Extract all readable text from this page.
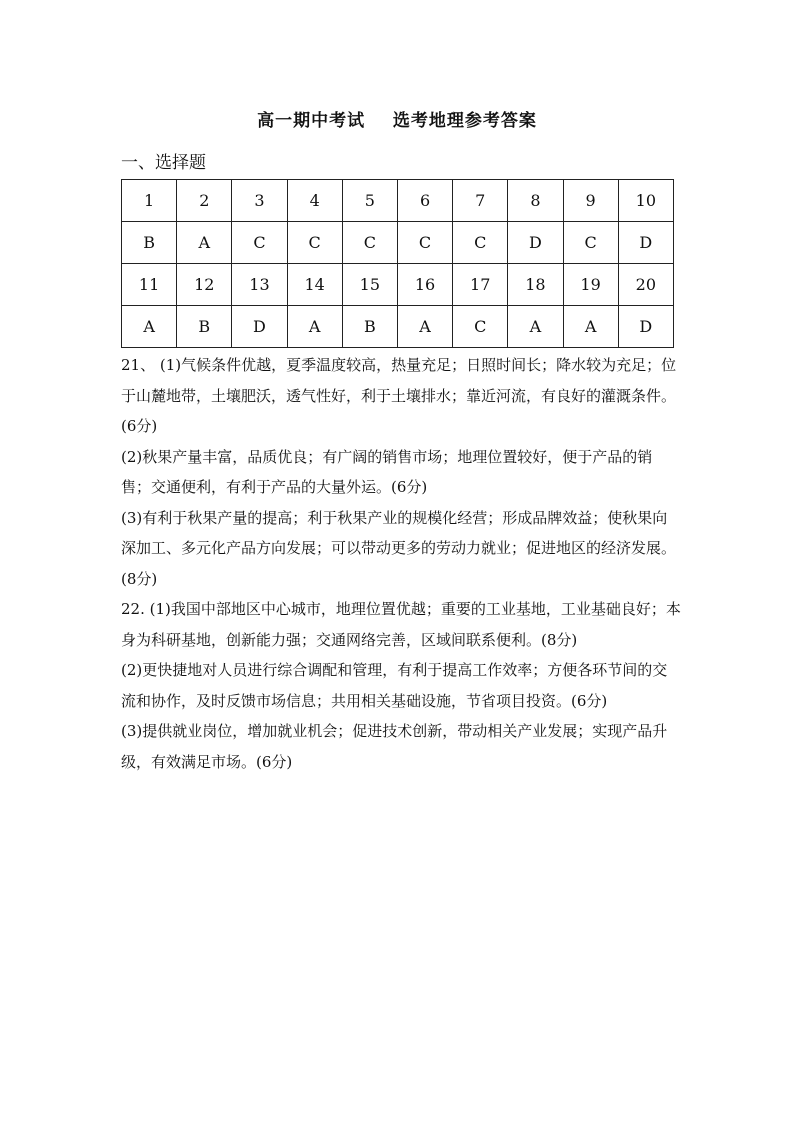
高一期中考试    选考地理参考答案
一、选择题
1	2	3	4	5	6	7	8	9	10
B	A	C	C	C	C	C	D	C	D
11	12	13	14	15	16	17	18	19	20
A	B	D	A	B	A	C	A	A	D

21、 (1)气候条件优越，夏季温度较高，热量充足；日照时间长；降水较为充足；位于山麓地带，土壤肥沃，透气性好，利于土壤排水；靠近河流，有良好的灌溉条件。(6分)

(2)秋果产量丰富，品质优良；有广阔的销售市场；地理位置较好，便于产品的销售；交通便利，有利于产品的大量外运。(6分)

(3)有利于秋果产量的提高；利于秋果产业的规模化经营；形成品牌效益；使秋果向深加工、多元化产品方向发展；可以带动更多的劳动力就业；促进地区的经济发展。(8分)

22. (1)我国中部地区中心城市，地理位置优越；重要的工业基地，工业基础良好；本身为科研基地，创新能力强；交通网络完善，区域间联系便利。(8分)

(2)更快捷地对人员进行综合调配和管理，有利于提高工作效率；方便各环节间的交流和协作，及时反馈市场信息；共用相关基础设施，节省项目投资。(6分)

(3)提供就业岗位，增加就业机会；促进技术创新，带动相关产业发展；实现产品升级，有效满足市场。(6分)
